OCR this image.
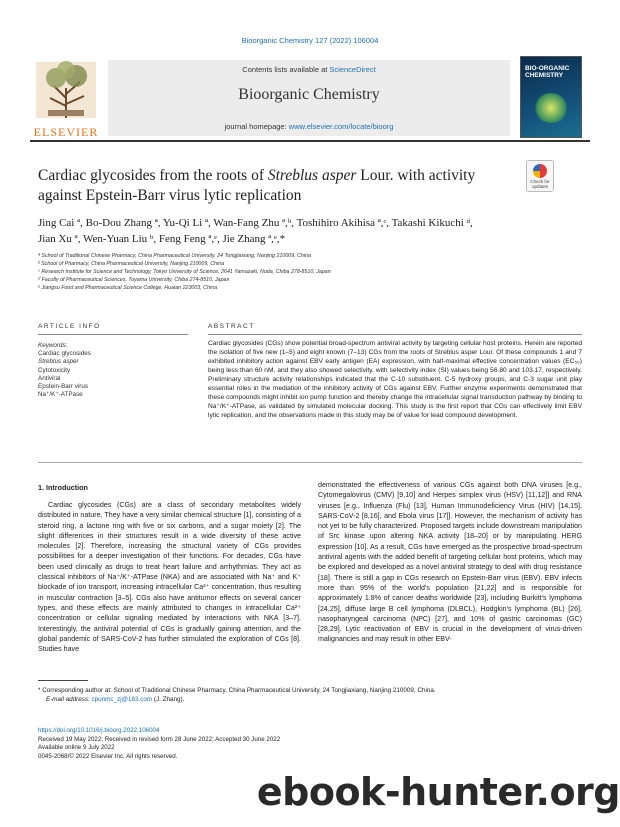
Bioorganic Chemistry 127 (2022) 106004
ELSEVIER
Contents lists available at ScienceDirect
Bioorganic Chemistry
journal homepage: www.elsevier.com/locate/bioorg
BIO-ORGANIC
CHEMISTRY
Check for updates
Cardiac glycosides from the roots of Streblus asper Lour. with activity against Epstein-Barr virus lytic replication
Jing Cai ª, Bo-Dou Zhang ª, Yu-Qi Li ª, Wan-Fang Zhu ª,ᵇ, Toshihiro Akihisa ª,ᶜ, Takashi Kikuchi ᵈ,
Jian Xu ª, Wen-Yuan Liu ᵇ, Feng Feng ª,ᵉ, Jie Zhang ª,ᵉ,*
ª School of Traditional Chinese Pharmacy, China Pharmaceutical University, 24 Tongjiaxiang, Nanjing 210009, China
ᵇ School of Pharmacy, China Pharmaceutical University, Nanjing 210009, China
ᶜ Research Institute for Science and Technology, Tokyo University of Science, 2641 Yamazaki, Noda, Chiba 278-8510, Japan
ᵈ Faculty of Pharmaceutical Sciences, Toyama University, Chiba 274-8510, Japan
ᵉ Jiangsu Food and Pharmaceutical Science College, Huaian 223003, China
ARTICLE INFO	ABSTRACT
Keywords:
Cardiac glycosides
Streblus asper
Cytotoxicity
Antiviral
Epstein-Barr virus
Na⁺/K⁺-ATPase
Cardiac glycosides (CGs) show potential broad-spectrum antiviral activity by targeting cellular host proteins. Herein are reported the isolation of five new (1–5) and eight known (7–13) CGs from the roots of Streblus asper Lour. Of these compounds 1 and 7 exhibited inhibitory action against EBV early antigen (EA) expression, with half-maximal effective concentration values (EC₅₀) being less than 60 nM, and they also showed selectivity, with selectivity index (SI) values being 56.80 and 103.17, respectively. Preliminary structure activity relationships indicated that the C-10 substituent, C-5 hydroxy groups, and C-3 sugar unit play essential roles in the mediation of the inhibitory activity of CGs against EBV. Further enzyme experiments demonstrated that these compounds might inhibit ion pump function and thereby change the intracellular signal transduction pathway by binding to Na⁺/K⁺-ATPase, as validated by simulated molecular docking. This study is the first report that CGs can effectively limit EBV lytic replication, and the observations made in this study may be of value for lead compound development.
1. Introduction
Cardiac glycosides (CGs) are a class of secondary metabolites widely distributed in nature. They have a very similar chemical structure [1], consisting of a steroid ring, a lactone ring with five or six carbons, and a sugar moiety [2]. The slight differences in their structures result in a wide diversity of these active molecules [2]. Therefore, increasing the structural variety of CGs provides possibilities for a deeper investigation of their functions. For decades, CGs have been used clinically as drugs to treat heart failure and arrhythmias. They act as classical inhibitors of Na⁺/K⁺-ATPase (NKA) and are associated with Na⁺ and K⁺ blockade of ion transport, increasing intracellular Ca²⁺ concentration, thus resulting in muscular contraction [3–5]. CGs also have antitumor effects on several cancer types, and these effects are mainly attributed to changes in intracellular Ca²⁺ concentration or cellular signaling mediated by interactions with NKA [3–7]. Interestingly, the antiviral potential of CGs is gradually gaining attention, and the global pandemic of SARS-CoV-2 has further stimulated the exploration of CGs [8]. Studies have
demonstrated the effectiveness of various CGs against both DNA viruses [e.g., Cytomegalovirus (CMV) [9,10] and Herpes simplex virus (HSV) [11,12]] and RNA viruses [e.g., Influenza (Flu) [13], Human Immunodeficiency Virus (HIV) [14,15], SARS-CoV-2 [8,16], and Ebola virus [17]]. However, the mechanism of activity has not yet to be fully characterized. Proposed targets include downstream manipulation of Src kinase upon altering NKA activity [18–20] or by manipulating HERG expression [10]. As a result, CGs have emerged as the prospective broad-spectrum antiviral agents with the added benefit of targeting cellular host proteins, which may be explored and developed as a novel antiviral strategy to deal with drug resistance [18]. There is still a gap in CGs research on Epstein-Barr virus (EBV). EBV infects more than 95% of the world's population [21,22] and is responsible for approximately 1.8% of cancer deaths worldwide [23], including Burkitt's lymphoma [24,25], diffuse large B cell lymphoma (DLBCL), Hodgkin's lymphoma (BL) [26], nasopharyngeal carcinoma (NPC) [27], and 10% of gastric carcinomas (GC) [28,29]. Lytic reactivation of EBV is crucial in the development of virus-driven malignancies and may result in other EBV-
* Corresponding author at: School of Traditional Chinese Pharmacy, China Pharmaceutical University, 24 Tongjiaxiang, Nanjing 210009, China.
E-mail address: cpunmc_zj@163.com (J. Zhang).
https://doi.org/10.1016/j.bioorg.2022.106004
Received 19 May 2022; Received in revised form 28 June 2022; Accepted 30 June 2022
Available online 9 July 2022
0045-2068/© 2022 Elsevier Inc. All rights reserved.
ebook-hunter.org
